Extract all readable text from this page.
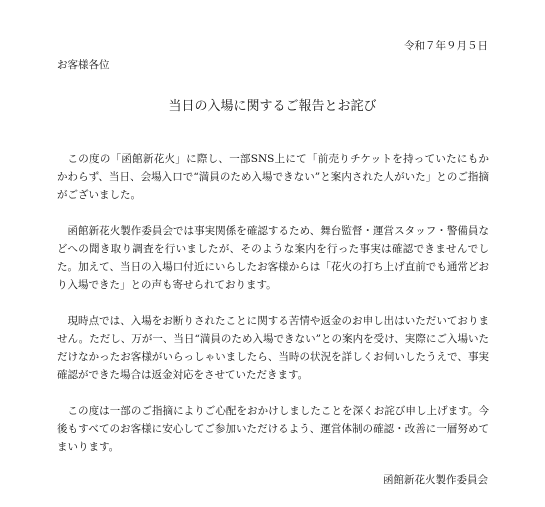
令和７年９月５日
お客様各位
当日の入場に関するご報告とお詫び

この度の「函館新花火」に際し、一部SNS上にて「前売りチケットを持っていたにもかかわらず、当日、会場入口で“満員のため入場できない”と案内された人がいた」とのご指摘がございました。

函館新花火製作委員会では事実関係を確認するため、舞台監督・運営スタッフ・警備員などへの聞き取り調査を行いましたが、そのような案内を行った事実は確認できませんでした。加えて、当日の入場口付近にいらしたお客様からは「花火の打ち上げ直前でも通常どおり入場できた」との声も寄せられております。

現時点では、入場をお断りされたことに関する苦情や返金のお申し出はいただいておりません。ただし、万が一、当日“満員のため入場できない”との案内を受け、実際にご入場いただけなかったお客様がいらっしゃいましたら、当時の状況を詳しくお伺いしたうえで、事実確認ができた場合は返金対応をさせていただきます。

この度は一部のご指摘によりご心配をおかけしましたことを深くお詫び申し上げます。今後もすべてのお客様に安心してご参加いただけるよう、運営体制の確認・改善に一層努めてまいります。

函館新花火製作委員会
